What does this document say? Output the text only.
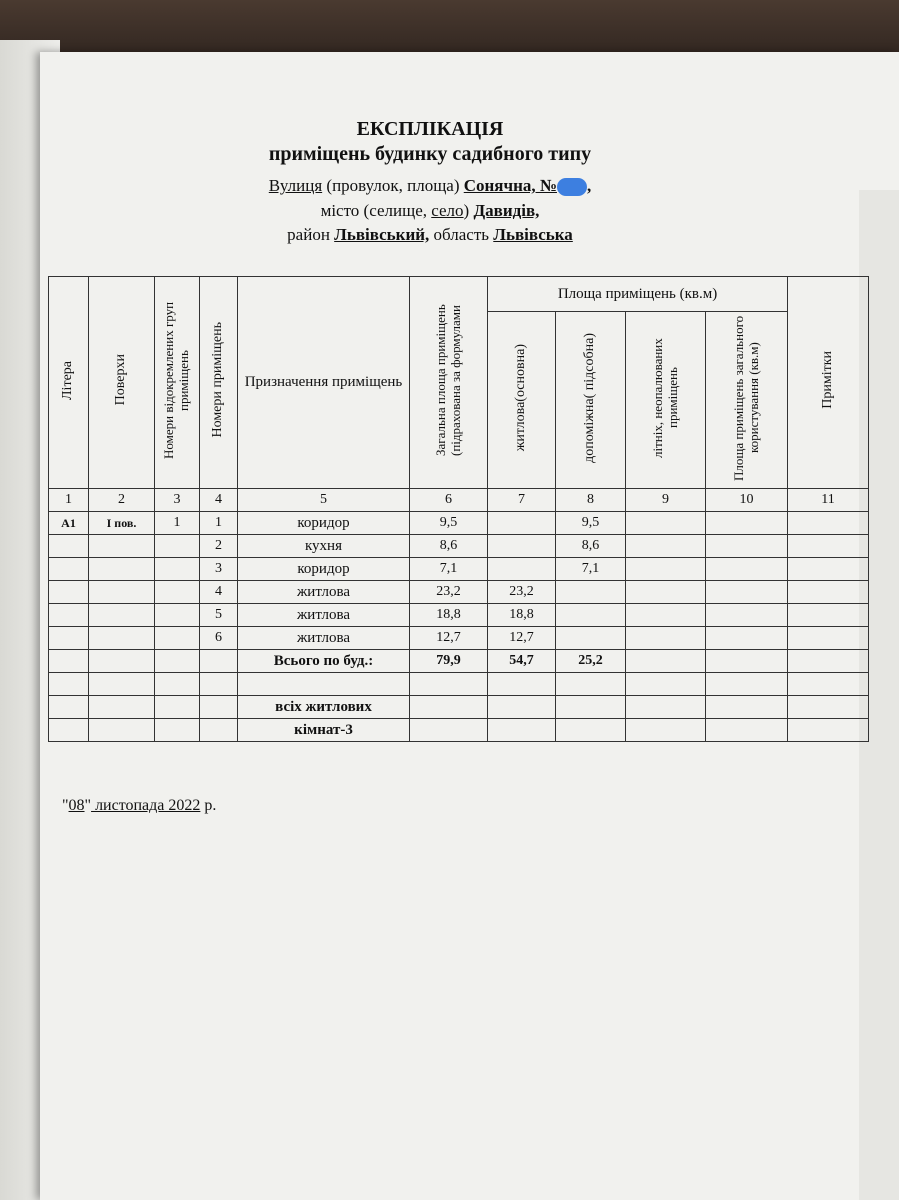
ЕКСПЛІКАЦІЯ
приміщень будинку садибного типу
Вулиця (провулок, площа) Сонячна, № ,
місто (селище, село) Давидів,
район Львівський, область Львівська
Літера	Поверхи	Номери відокремлених груп приміщень	Номери приміщень	Призначення приміщень	Загальна площа приміщень (підрахована за формулами	Площа приміщень (кв.м)				Примітки
						житлова(основна)	допоміжна( підсобна)	літніх, неопалюваних приміщень	Площа приміщень загального користування (кв.м)	
1	2	3	4	5	6	7	8	9	10	11
А1	І пов.	1	1	коридор	9,5		9,5			
			2	кухня	8,6		8,6			
			3	коридор	7,1		7,1			
			4	житлова	23,2	23,2				
			5	житлова	18,8	18,8				
			6	житлова	12,7	12,7				
				Всього по буд.:	79,9	54,7	25,2			

				всіх житлових						
				кімнат-3						
"08" листопада 2022 р.
